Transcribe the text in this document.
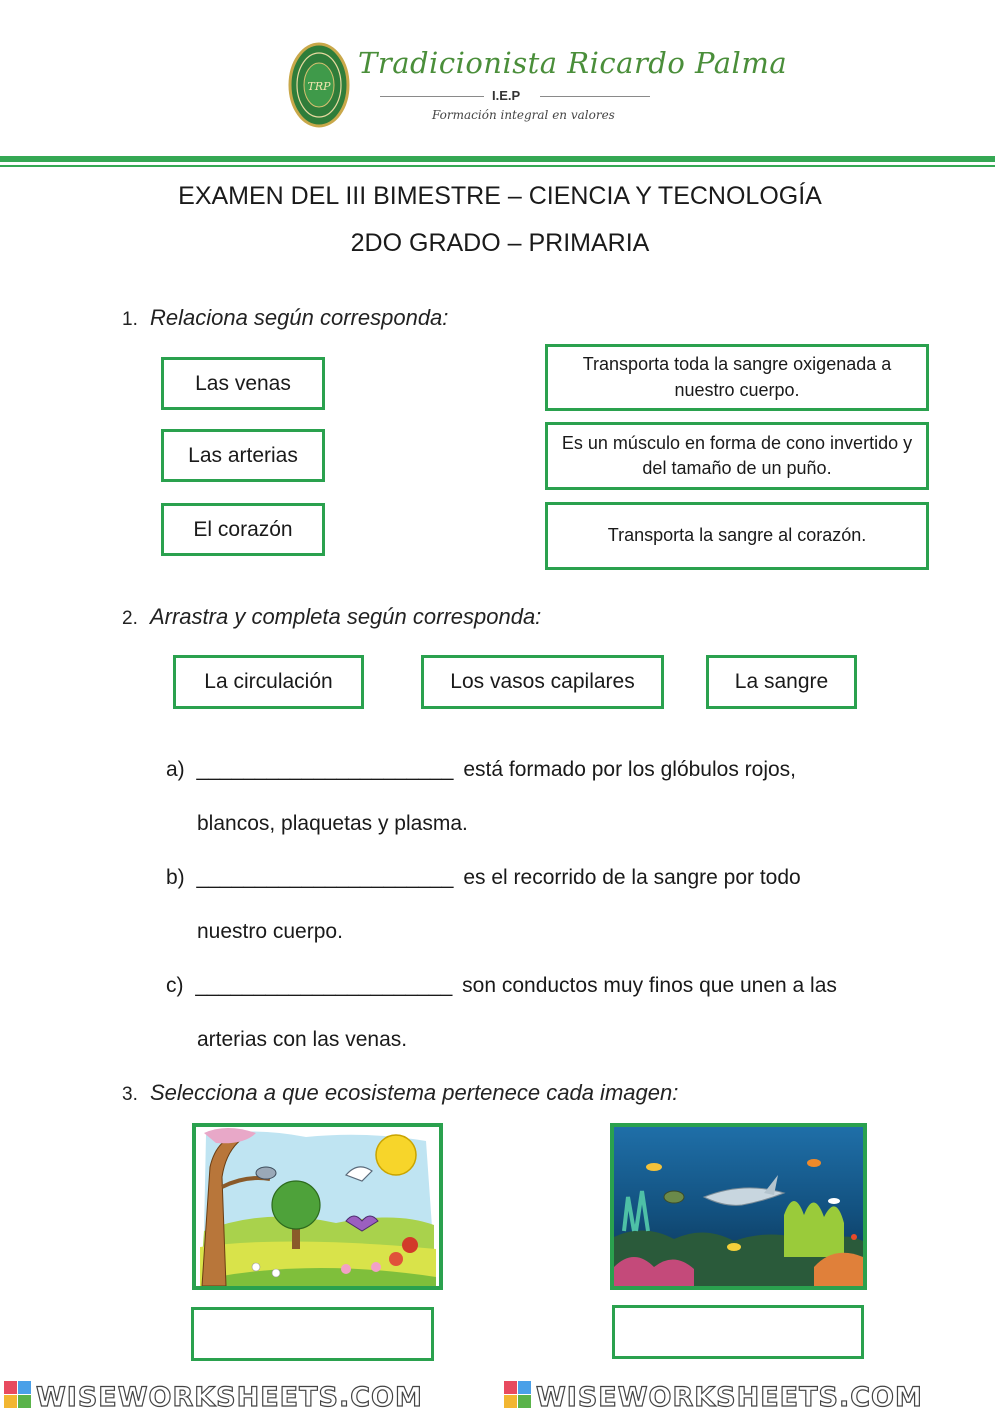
TRP
Tradicionista Ricardo Palma
I.E.P
Formación integral en valores
EXAMEN DEL III BIMESTRE – CIENCIA Y TECNOLOGÍA
2DO GRADO – PRIMARIA
1. Relaciona según corresponda:
Las venas
Las arterias
El corazón
Transporta toda la sangre oxigenada a nuestro cuerpo.
Es un músculo en forma de cono invertido y del tamaño de un puño.
Transporta la sangre al corazón.
2. Arrastra y completa según corresponda:
La circulación	Los vasos capilares	La sangre
a) ______________________ está formado por los glóbulos rojos,
blancos, plaquetas y plasma.
b) ______________________ es el recorrido de la sangre por todo
nuestro cuerpo.
c) ______________________ son conductos muy finos que unen a las
arterias con las venas.
3. Selecciona a que ecosistema pertenece cada imagen:
WISEWORKSHEETS.COM	WISEWORKSHEETS.COM
